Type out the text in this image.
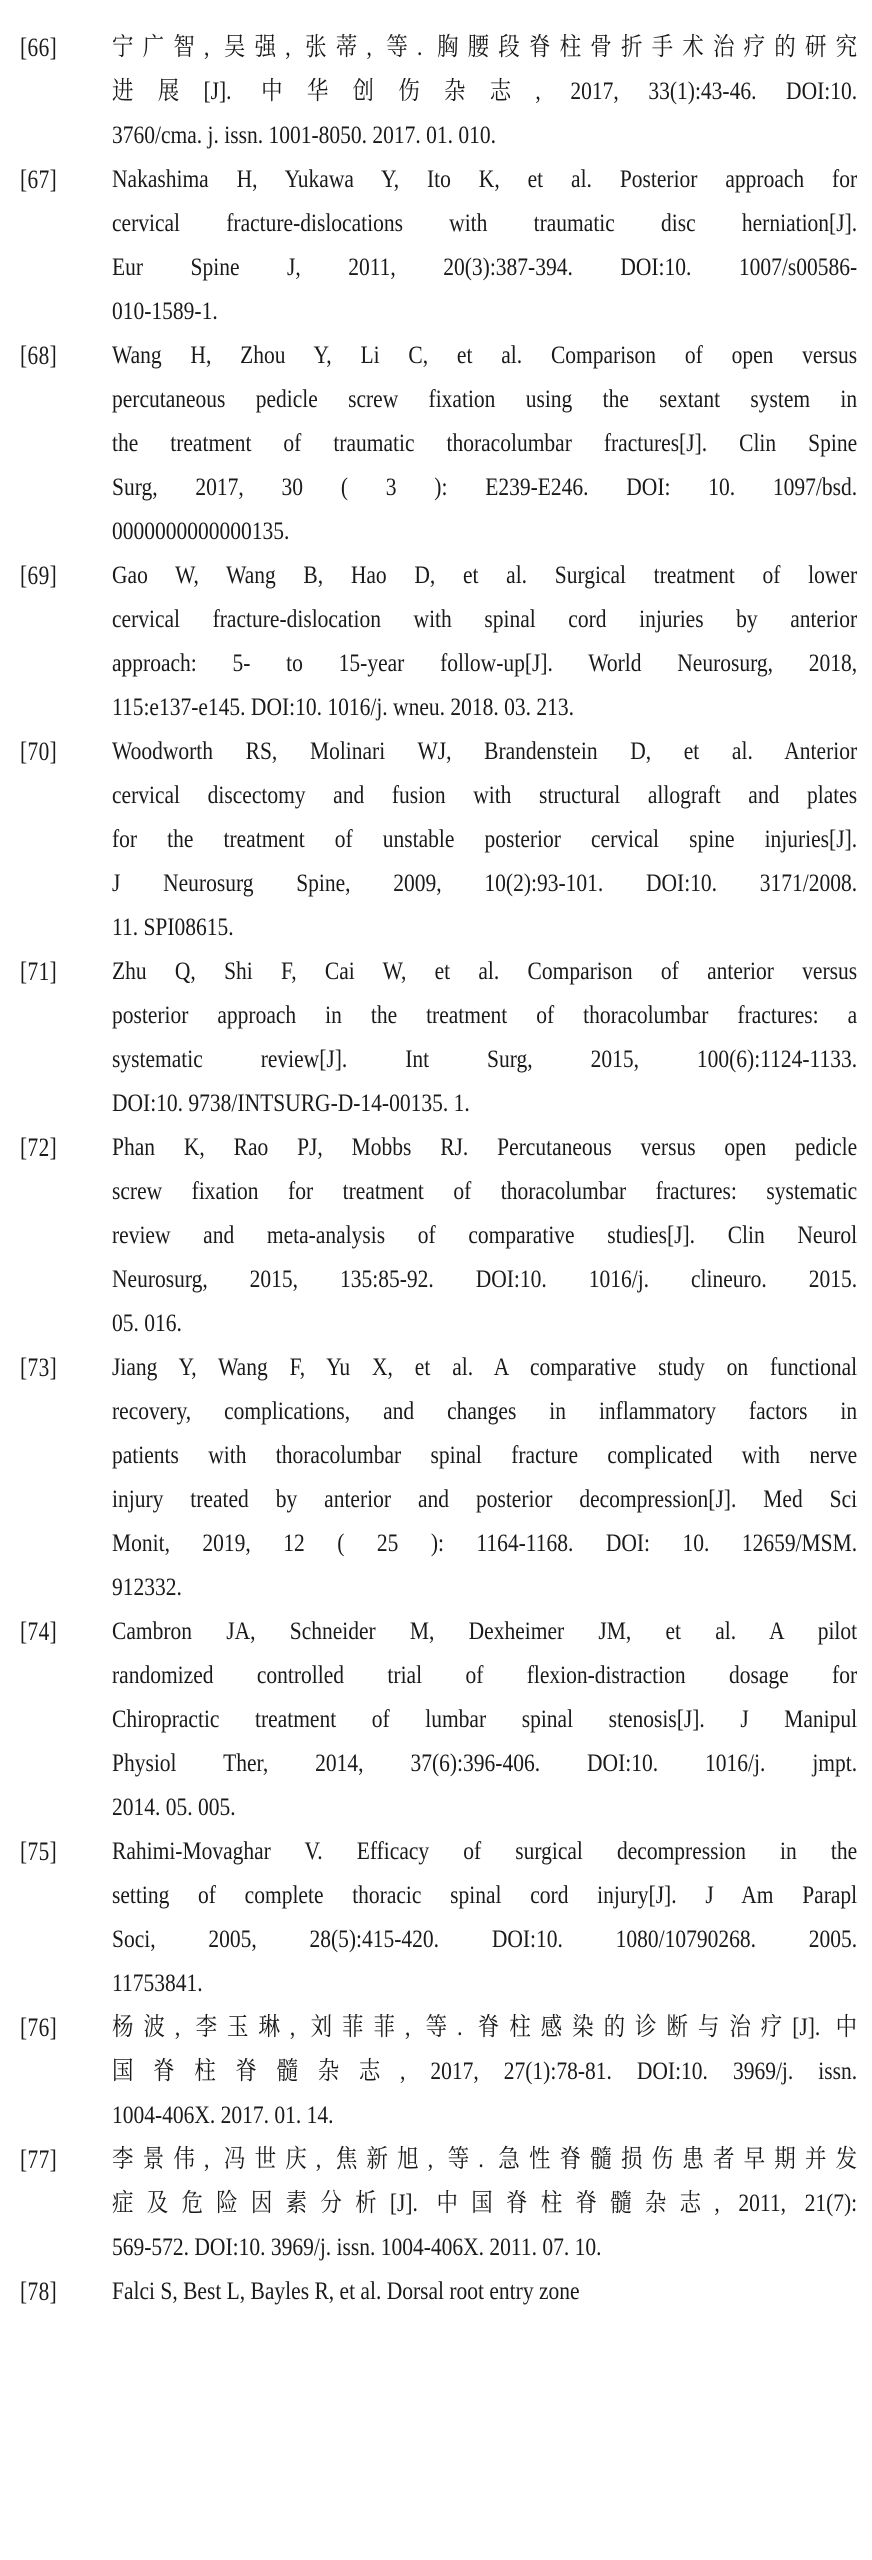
[66] 宁广智, 吴强, 张蒂, 等. 胸腰段脊柱骨折手术治疗的研究
进展[J]. 中华创伤杂志, 2017, 33(1):43-46. DOI:10.
3760/cma. j. issn. 1001-8050. 2017. 01. 010.
[67] Nakashima H, Yukawa Y, Ito K, et al. Posterior approach for
cervical fracture-dislocations with traumatic disc herniation[J].
Eur Spine J, 2011, 20(3):387-394. DOI:10. 1007/s00586-
010-1589-1.
[68] Wang H, Zhou Y, Li C, et al. Comparison of open versus
percutaneous pedicle screw fixation using the sextant system in
the treatment of traumatic thoracolumbar fractures[J]. Clin Spine
Surg, 2017, 30 ( 3 ): E239-E246. DOI: 10. 1097/bsd.
0000000000000135.
[69] Gao W, Wang B, Hao D, et al. Surgical treatment of lower
cervical fracture-dislocation with spinal cord injuries by anterior
approach: 5- to 15-year follow-up[J]. World Neurosurg, 2018,
115:e137-e145. DOI:10. 1016/j. wneu. 2018. 03. 213.
[70] Woodworth RS, Molinari WJ, Brandenstein D, et al. Anterior
cervical discectomy and fusion with structural allograft and plates
for the treatment of unstable posterior cervical spine injuries[J].
J Neurosurg Spine, 2009, 10(2):93-101. DOI:10. 3171/2008.
11. SPI08615.
[71] Zhu Q, Shi F, Cai W, et al. Comparison of anterior versus
posterior approach in the treatment of thoracolumbar fractures: a
systematic review[J]. Int Surg, 2015, 100(6):1124-1133.
DOI:10. 9738/INTSURG-D-14-00135. 1.
[72] Phan K, Rao PJ, Mobbs RJ. Percutaneous versus open pedicle
screw fixation for treatment of thoracolumbar fractures: systematic
review and meta-analysis of comparative studies[J]. Clin Neurol
Neurosurg, 2015, 135:85-92. DOI:10. 1016/j. clineuro. 2015.
05. 016.
[73] Jiang Y, Wang F, Yu X, et al. A comparative study on functional
recovery, complications, and changes in inflammatory factors in
patients with thoracolumbar spinal fracture complicated with nerve
injury treated by anterior and posterior decompression[J]. Med Sci
Monit, 2019, 12 ( 25 ): 1164-1168. DOI: 10. 12659/MSM.
912332.
[74] Cambron JA, Schneider M, Dexheimer JM, et al. A pilot
randomized controlled trial of flexion-distraction dosage for
Chiropractic treatment of lumbar spinal stenosis[J]. J Manipul
Physiol Ther, 2014, 37(6):396-406. DOI:10. 1016/j. jmpt.
2014. 05. 005.
[75] Rahimi-Movaghar V. Efficacy of surgical decompression in the
setting of complete thoracic spinal cord injury[J]. J Am Parapl
Soci, 2005, 28(5):415-420. DOI:10. 1080/10790268. 2005.
11753841.
[76] 杨波, 李玉琳, 刘菲菲, 等. 脊柱感染的诊断与治疗[J]. 中
国脊柱脊髓杂志, 2017, 27(1):78-81. DOI:10. 3969/j. issn.
1004-406X. 2017. 01. 14.
[77] 李景伟, 冯世庆, 焦新旭, 等. 急性脊髓损伤患者早期并发
症及危险因素分析[J]. 中国脊柱脊髓杂志, 2011, 21(7):
569-572. DOI:10. 3969/j. issn. 1004-406X. 2011. 07. 10.
[78] Falci S, Best L, Bayles R, et al. Dorsal root entry zone
